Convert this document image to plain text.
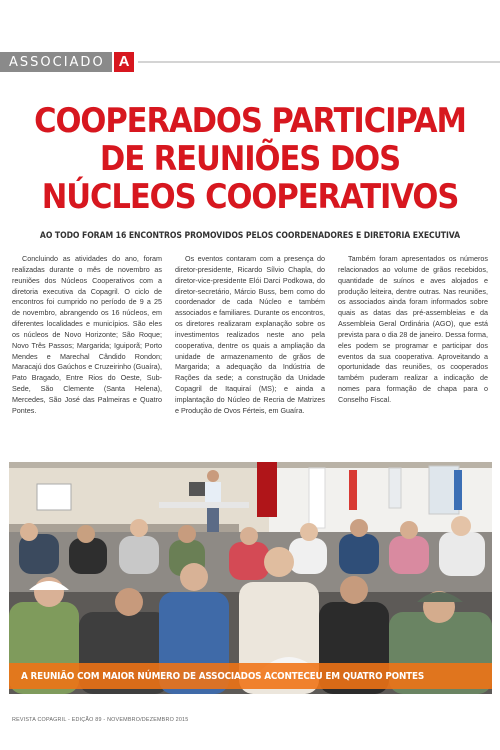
ASSOCIADO A
COOPERADOS PARTICIPAM DE REUNIÕES DOS NÚCLEOS COOPERATIVOS
AO TODO FORAM 16 ENCONTROS PROMOVIDOS PELOS COORDENADORES E DIRETORIA EXECUTIVA

Concluindo as atividades do ano, foram realizadas durante o mês de novembro as reuniões dos Núcleos Cooperativos com a diretoria executiva da Copagril. O ciclo de encontros foi cumprido no período de 9 a 25 de novembro, abrangendo os 16 núcleos, em diferentes localidades e municípios. São eles os núcleos de Novo Horizonte; São Roque; Novo Três Passos; Margarida; Iguiporã; Porto Mendes e Marechal Cândido Rondon; Maracajú dos Gaúchos e Cruzeirinho (Guaíra), Pato Bragado, Entre Rios do Oeste, Sub-Sede, São Clemente (Santa Helena), Mercedes, São José das Palmeiras e Quatro Pontes.

Os eventos contaram com a presença do diretor-presidente, Ricardo Sílvio Chapla, do diretor-vice-presidente Elói Darci Podkowa, do diretor-secretário, Márcio Buss, bem como do coordenador de cada Núcleo e também associados e familiares. Durante os encontros, os diretores realizaram explanação sobre os investimentos realizados neste ano pela cooperativa, dentre os quais a ampliação da unidade de armazenamento de grãos de Margarida; a adequação da Indústria de Rações da sede; a construção da Unidade Copagril de Itaquiraí (MS); e ainda a implantação do Núcleo de Recria de Matrizes e Produção de Ovos Férteis, em Guaíra.

Também foram apresentados os números relacionados ao volume de grãos recebidos, quantidade de suínos e aves alojados e produção leiteira, dentre outras. Nas reuniões, os associados ainda foram informados sobre quais as datas das pré-assembleias e da Assembleia Geral Ordinária (AGO), que está prevista para o dia 28 de janeiro. Dessa forma, eles podem se programar e participar dos eventos da sua cooperativa. Aproveitando a oportunidade das reuniões, os cooperados também puderam realizar a indicação de nomes para formação de chapa para o Conselho Fiscal.

A REUNIÃO COM MAIOR NÚMERO DE ASSOCIADOS ACONTECEU EM QUATRO PONTES
REVISTA COPAGRIL - EDIÇÃO 89 - NOVEMBRO/DEZEMBRO 2015
